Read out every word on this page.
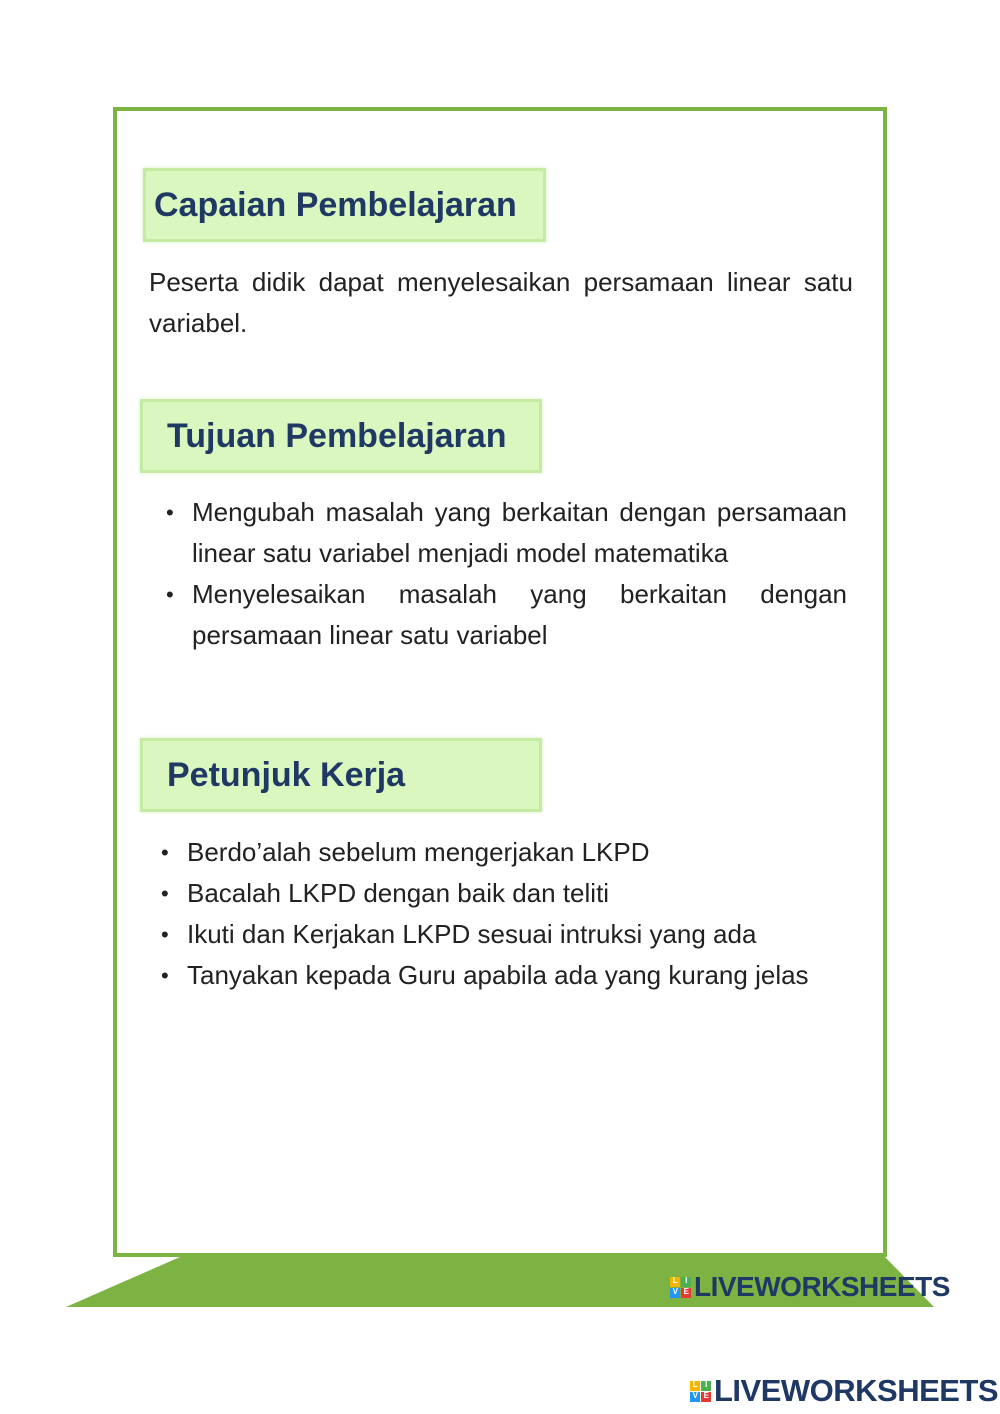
Capaian Pembelajaran

Peserta didik dapat menyelesaikan persamaan linear satu variabel.

Tujuan Pembelajaran
• Mengubah masalah yang berkaitan dengan persamaan linear satu variabel menjadi model matematika
• Menyelesaikan masalah yang berkaitan dengan persamaan linear satu variabel
Petunjuk Kerja
• Berdo’alah sebelum mengerjakan LKPD
• Bacalah LKPD dengan baik dan teliti
• Ikuti dan Kerjakan LKPD sesuai intruksi yang ada
• Tanyakan kepada Guru apabila ada yang kurang jelas
L I
V E LIVEWORKSHEETS
L I
V E LIVEWORKSHEETS
